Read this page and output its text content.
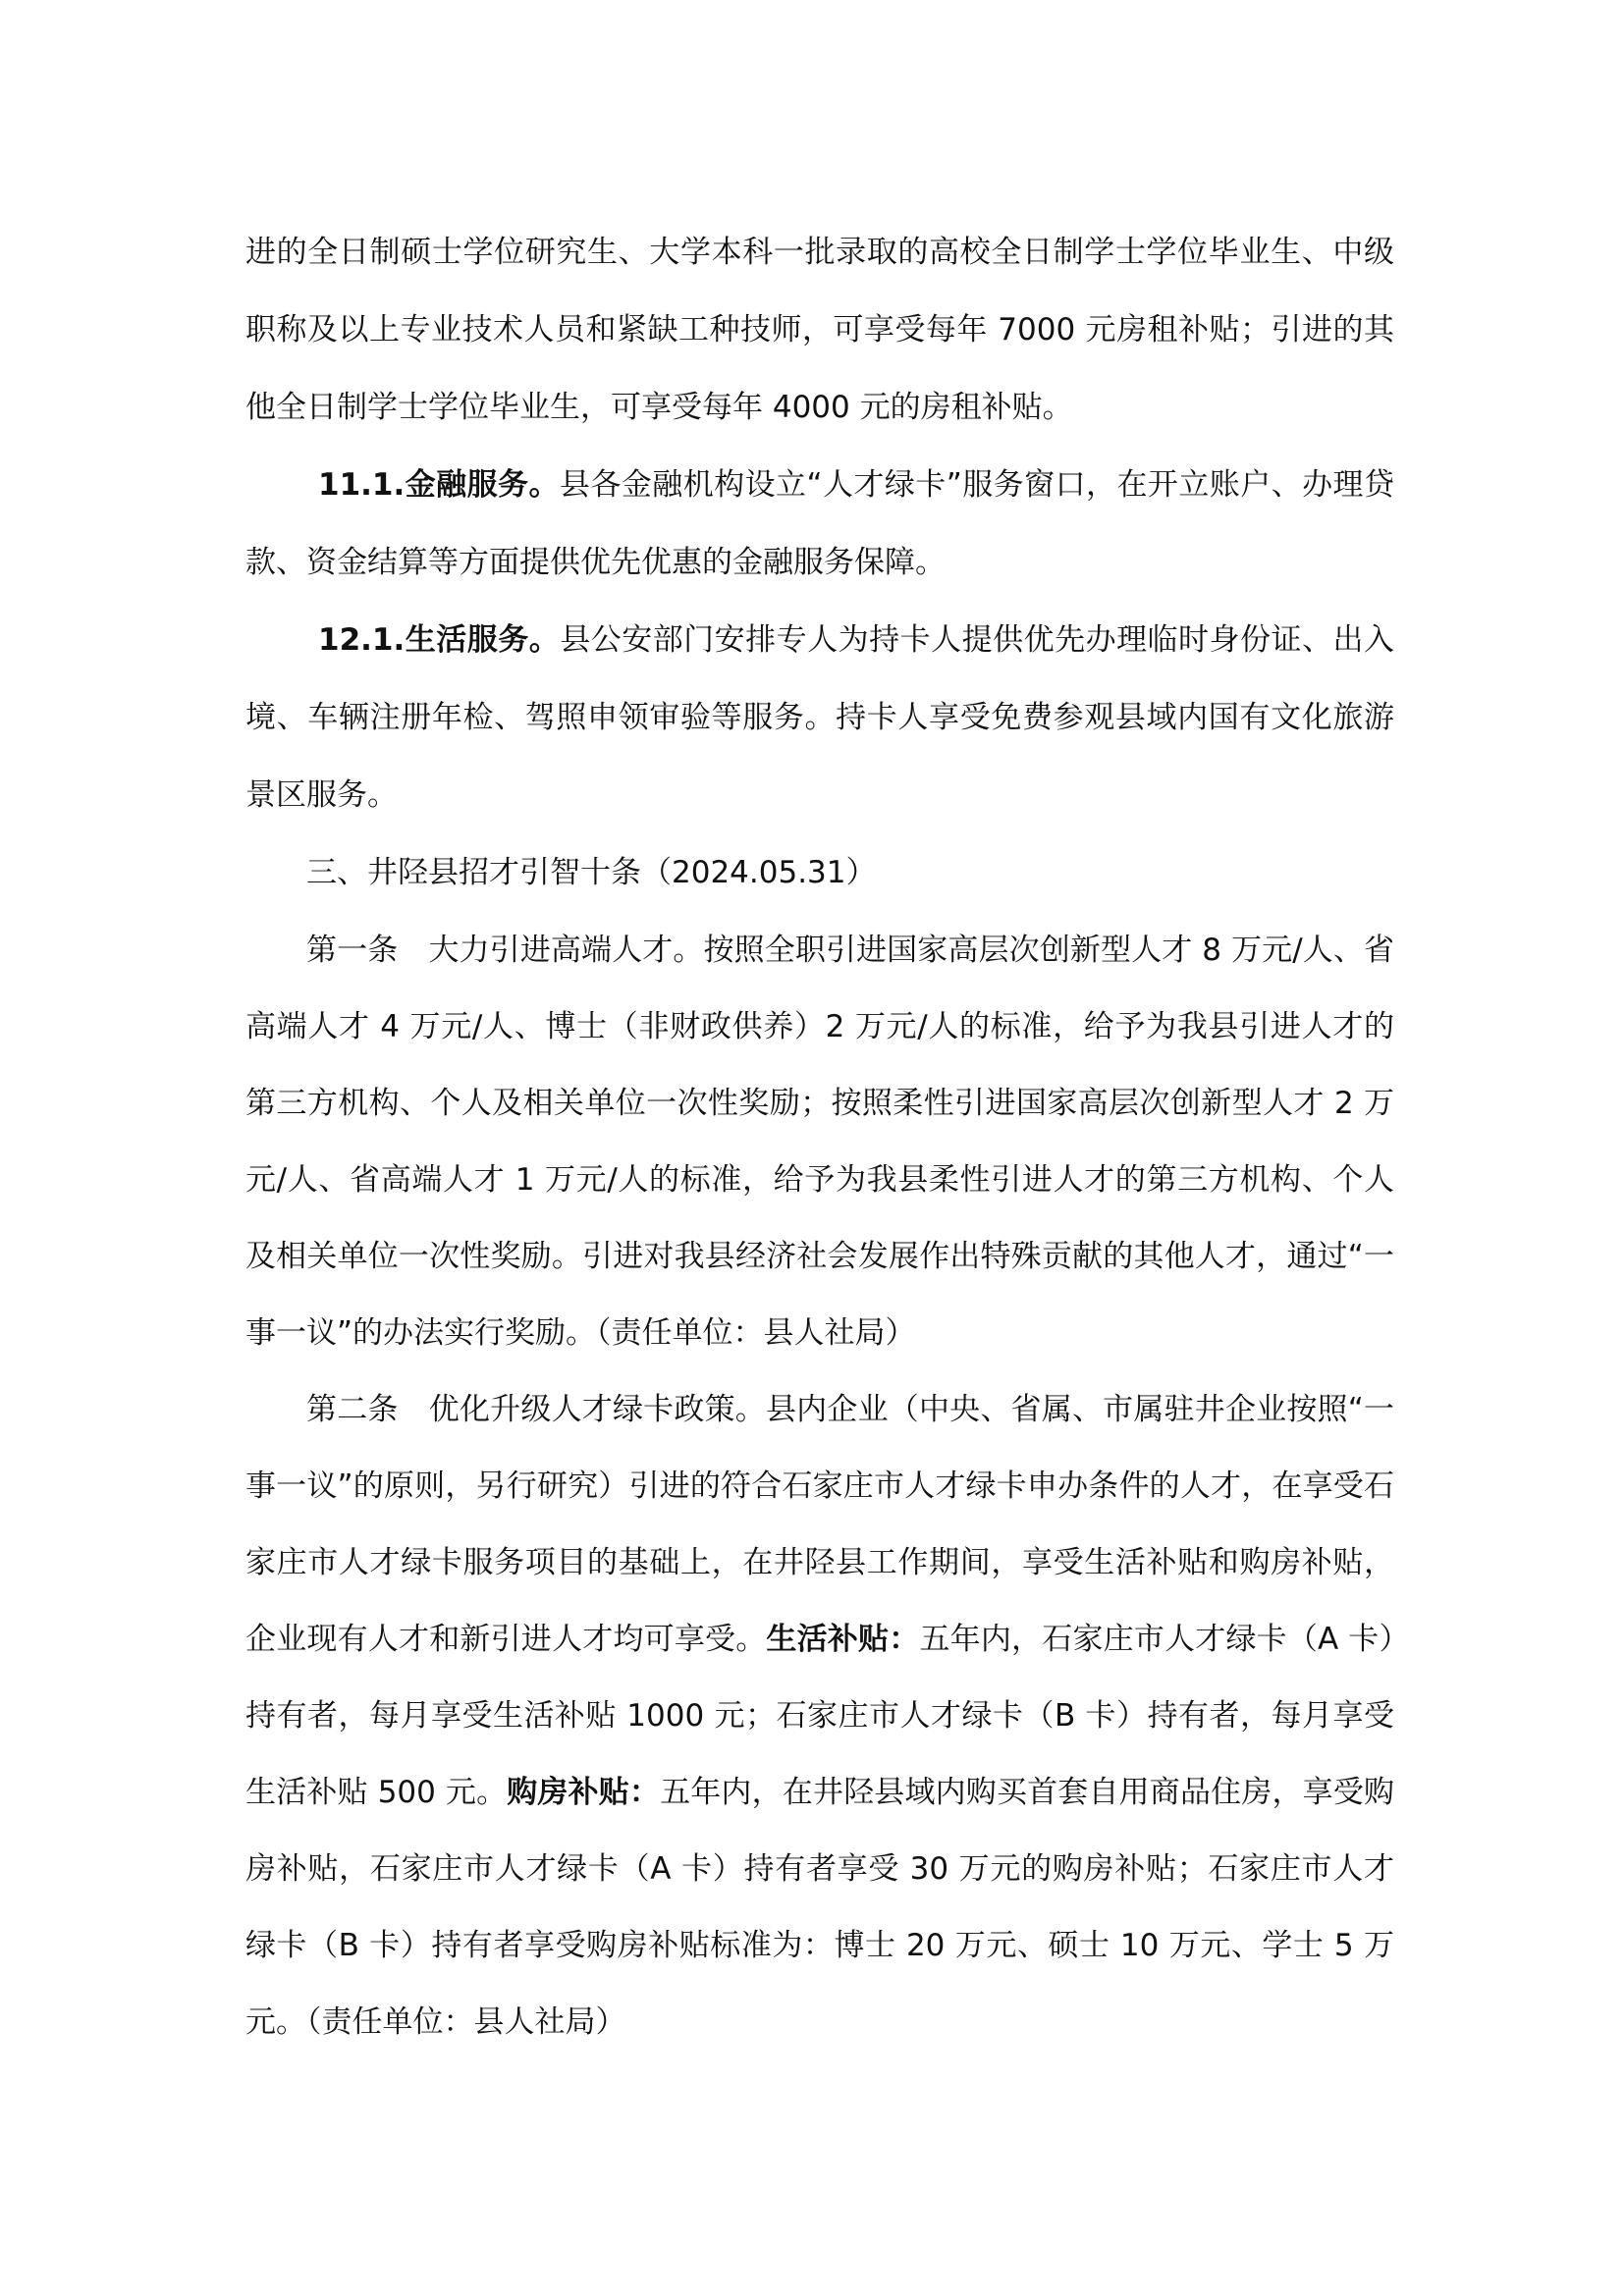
进的全日制硕士学位研究生、大学本科一批录取的高校全日制学士学位毕业生、中级职称及以上专业技术人员和紧缺工种技师，可享受每年 7000 元房租补贴；引进的其他全日制学士学位毕业生，可享受每年 4000 元的房租补贴。

11.1.金融服务。县各金融机构设立“人才绿卡”服务窗口，在开立账户、办理贷款、资金结算等方面提供优先优惠的金融服务保障。

12.1.生活服务。县公安部门安排专人为持卡人提供优先办理临时身份证、出入境、车辆注册年检、驾照申领审验等服务。持卡人享受免费参观县域内国有文化旅游景区服务。

三、井陉县招才引智十条（2024.05.31）

第一条　大力引进高端人才。按照全职引进国家高层次创新型人才 8 万元/人、省高端人才 4 万元/人、博士（非财政供养）2 万元/人的标准，给予为我县引进人才的第三方机构、个人及相关单位一次性奖励；按照柔性引进国家高层次创新型人才 2 万元/人、省高端人才 1 万元/人的标准，给予为我县柔性引进人才的第三方机构、个人及相关单位一次性奖励。引进对我县经济社会发展作出特殊贡献的其他人才，通过“一事一议”的办法实行奖励。（责任单位：县人社局）

第二条　优化升级人才绿卡政策。县内企业（中央、省属、市属驻井企业按照“一事一议”的原则，另行研究）引进的符合石家庄市人才绿卡申办条件的人才，在享受石家庄市人才绿卡服务项目的基础上，在井陉县工作期间，享受生活补贴和购房补贴，企业现有人才和新引进人才均可享受。生活补贴：五年内，石家庄市人才绿卡（A 卡）持有者，每月享受生活补贴 1000 元；石家庄市人才绿卡（B 卡）持有者，每月享受生活补贴 500 元。购房补贴：五年内，在井陉县域内购买首套自用商品住房，享受购房补贴，石家庄市人才绿卡（A 卡）持有者享受 30 万元的购房补贴；石家庄市人才绿卡（B 卡）持有者享受购房补贴标准为：博士 20 万元、硕士 10 万元、学士 5 万元。（责任单位：县人社局）
